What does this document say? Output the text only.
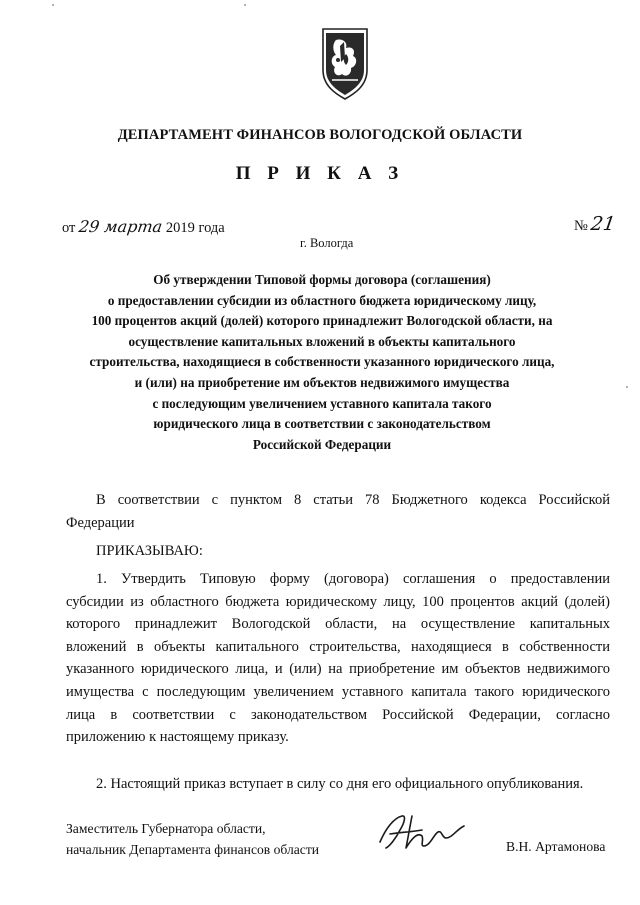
ДЕПАРТАМЕНТ ФИНАНСОВ ВОЛОГОДСКОЙ ОБЛАСТИ
П Р И К А З
от 29 марта 2019 года	№ 21
г. Вологда
Об утверждении Типовой формы договора (соглашения)
о предоставлении субсидии из областного бюджета юридическому лицу,
100 процентов акций (долей) которого принадлежит Вологодской области, на
осуществление капитальных вложений в объекты капитального
строительства, находящиеся в собственности указанного юридического лица,
и (или) на приобретение им объектов недвижимого имущества
с последующим увеличением уставного капитала такого
юридического лица в соответствии с законодательством
Российской Федерации
В соответствии с пунктом 8 статьи 78 Бюджетного кодекса Российской
Федерации
ПРИКАЗЫВАЮ:
1. Утвердить Типовую форму (договора) соглашения о предоставлении
субсидии из областного бюджета юридическому лицу, 100 процентов акций (долей)
которого принадлежит Вологодской области, на осуществление капитальных
вложений в объекты капитального строительства, находящиеся в собственности
указанного юридического лица, и (или) на приобретение им объектов недвижимого
имущества с последующим увеличением уставного капитала такого юридического
лица в соответствии с законодательством Российской Федерации, согласно
приложению к настоящему приказу.
2. Настоящий приказ вступает в силу со дня его официального опубликования.
Заместитель Губернатора области,
начальник Департамента финансов области	В.Н. Артамонова
